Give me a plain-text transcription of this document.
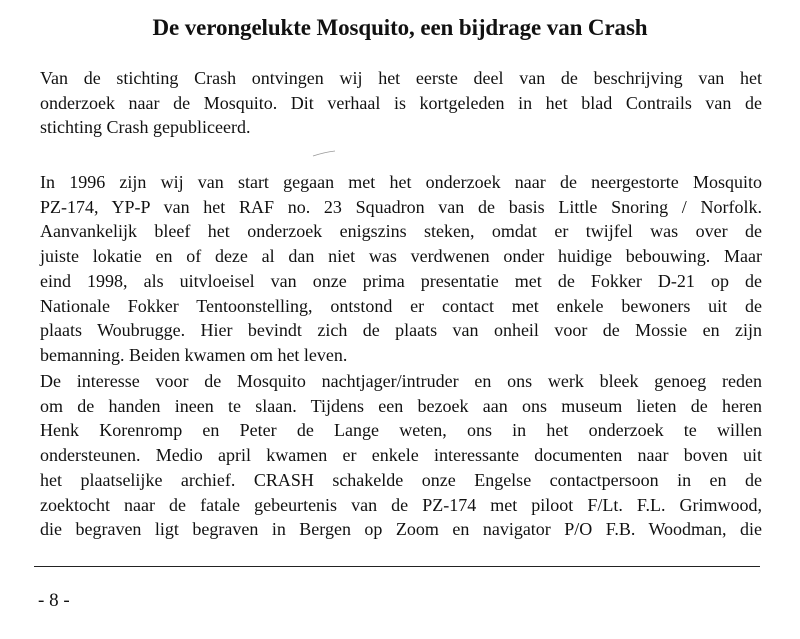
De verongelukte Mosquito, een bijdrage van Crash

Van de stichting Crash ontvingen wij het eerste deel van de beschrijving van het
onderzoek naar de Mosquito. Dit verhaal is kortgeleden in het blad Contrails van de
stichting Crash gepubliceerd.

In 1996 zijn wij van start gegaan met het onderzoek naar de neergestorte Mosquito
PZ-174, YP-P van het RAF no. 23 Squadron van de basis Little Snoring / Norfolk.
Aanvankelijk bleef het onderzoek enigszins steken, omdat er twijfel was over de
juiste lokatie en of deze al dan niet was verdwenen onder huidige bebouwing. Maar
eind 1998, als uitvloeisel van onze prima presentatie met de Fokker D-21 op de
Nationale Fokker Tentoonstelling, ontstond er contact met enkele bewoners uit de
plaats Woubrugge. Hier bevindt zich de plaats van onheil voor de Mossie en zijn
bemanning. Beiden kwamen om het leven.

De interesse voor de Mosquito nachtjager/intruder en ons werk bleek genoeg reden
om de handen ineen te slaan. Tijdens een bezoek aan ons museum lieten de heren
Henk Korenromp en Peter de Lange weten, ons in het onderzoek te willen
ondersteunen. Medio april kwamen er enkele interessante documenten naar boven uit
het plaatselijke archief. CRASH schakelde onze Engelse contactpersoon in en de
zoektocht naar de fatale gebeurtenis van de PZ-174 met piloot F/Lt. F.L. Grimwood,
die begraven ligt begraven in Bergen op Zoom en navigator P/O F.B. Woodman, die

- 8 -
